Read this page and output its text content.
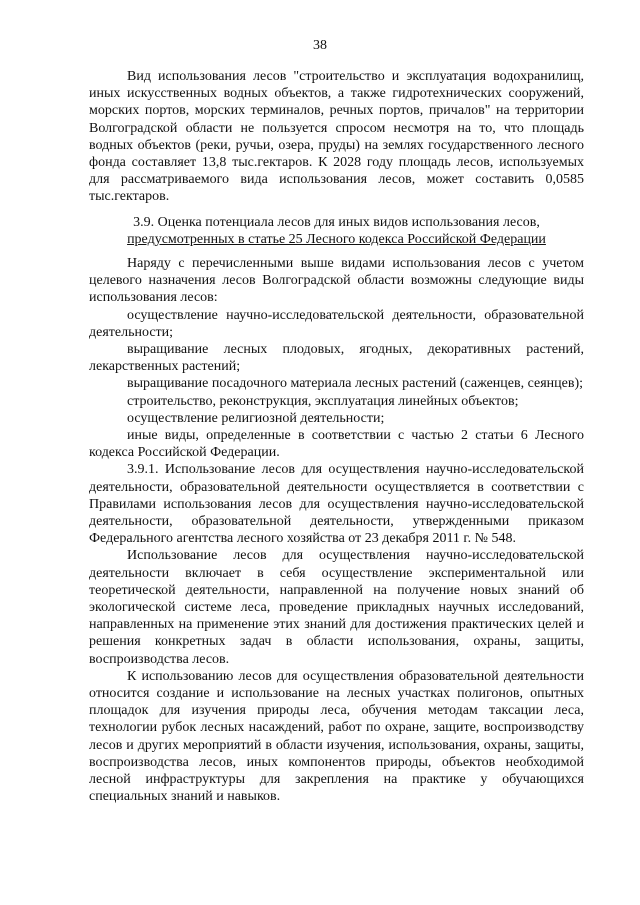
38

Вид использования лесов "строительство и эксплуатация водохранилищ, иных искусственных водных объектов, а также гидротехнических сооружений, морских портов, морских терминалов, речных портов, причалов" на территории Волгоградской области не пользуется спросом несмотря на то, что площадь водных объектов (реки, ручьи, озера, пруды) на землях государственного лесного фонда составляет 13,8 тыс.гектаров. К 2028 году площадь лесов, используемых для рассматриваемого вида использования лесов, может составить 0,0585 тыс.гектаров.

3.9. Оценка потенциала лесов для иных видов использования лесов,
предусмотренных в статье 25 Лесного кодекса Российской Федерации

Наряду с перечисленными выше видами использования лесов с учетом целевого назначения лесов Волгоградской области возможны следующие виды использования лесов:

осуществление научно-исследовательской деятельности, образовательной деятельности;

выращивание лесных плодовых, ягодных, декоративных растений, лекарственных растений;

выращивание посадочного материала лесных растений (саженцев, сеянцев);

строительство, реконструкция, эксплуатация линейных объектов;

осуществление религиозной деятельности;

иные виды, определенные в соответствии с частью 2 статьи 6 Лесного кодекса Российской Федерации.

3.9.1. Использование лесов для осуществления научно-исследовательской деятельности, образовательной деятельности осуществляется в соответствии с Правилами использования лесов для осуществления научно-исследовательской деятельности, образовательной деятельности, утвержденными приказом Федерального агентства лесного хозяйства от 23 декабря 2011 г. № 548.

Использование лесов для осуществления научно-исследовательской деятельности включает в себя осуществление экспериментальной или теоретической деятельности, направленной на получение новых знаний об экологической системе леса, проведение прикладных научных исследований, направленных на применение этих знаний для достижения практических целей и решения конкретных задач в области использования, охраны, защиты, воспроизводства лесов.

К использованию лесов для осуществления образовательной деятельности относится создание и использование на лесных участках полигонов, опытных площадок для изучения природы леса, обучения методам таксации леса, технологии рубок лесных насаждений, работ по охране, защите, воспроизводству лесов и других мероприятий в области изучения, использования, охраны, защиты, воспроизводства лесов, иных компонентов природы, объектов необходимой лесной инфраструктуры для закрепления на практике у обучающихся специальных знаний и навыков.
